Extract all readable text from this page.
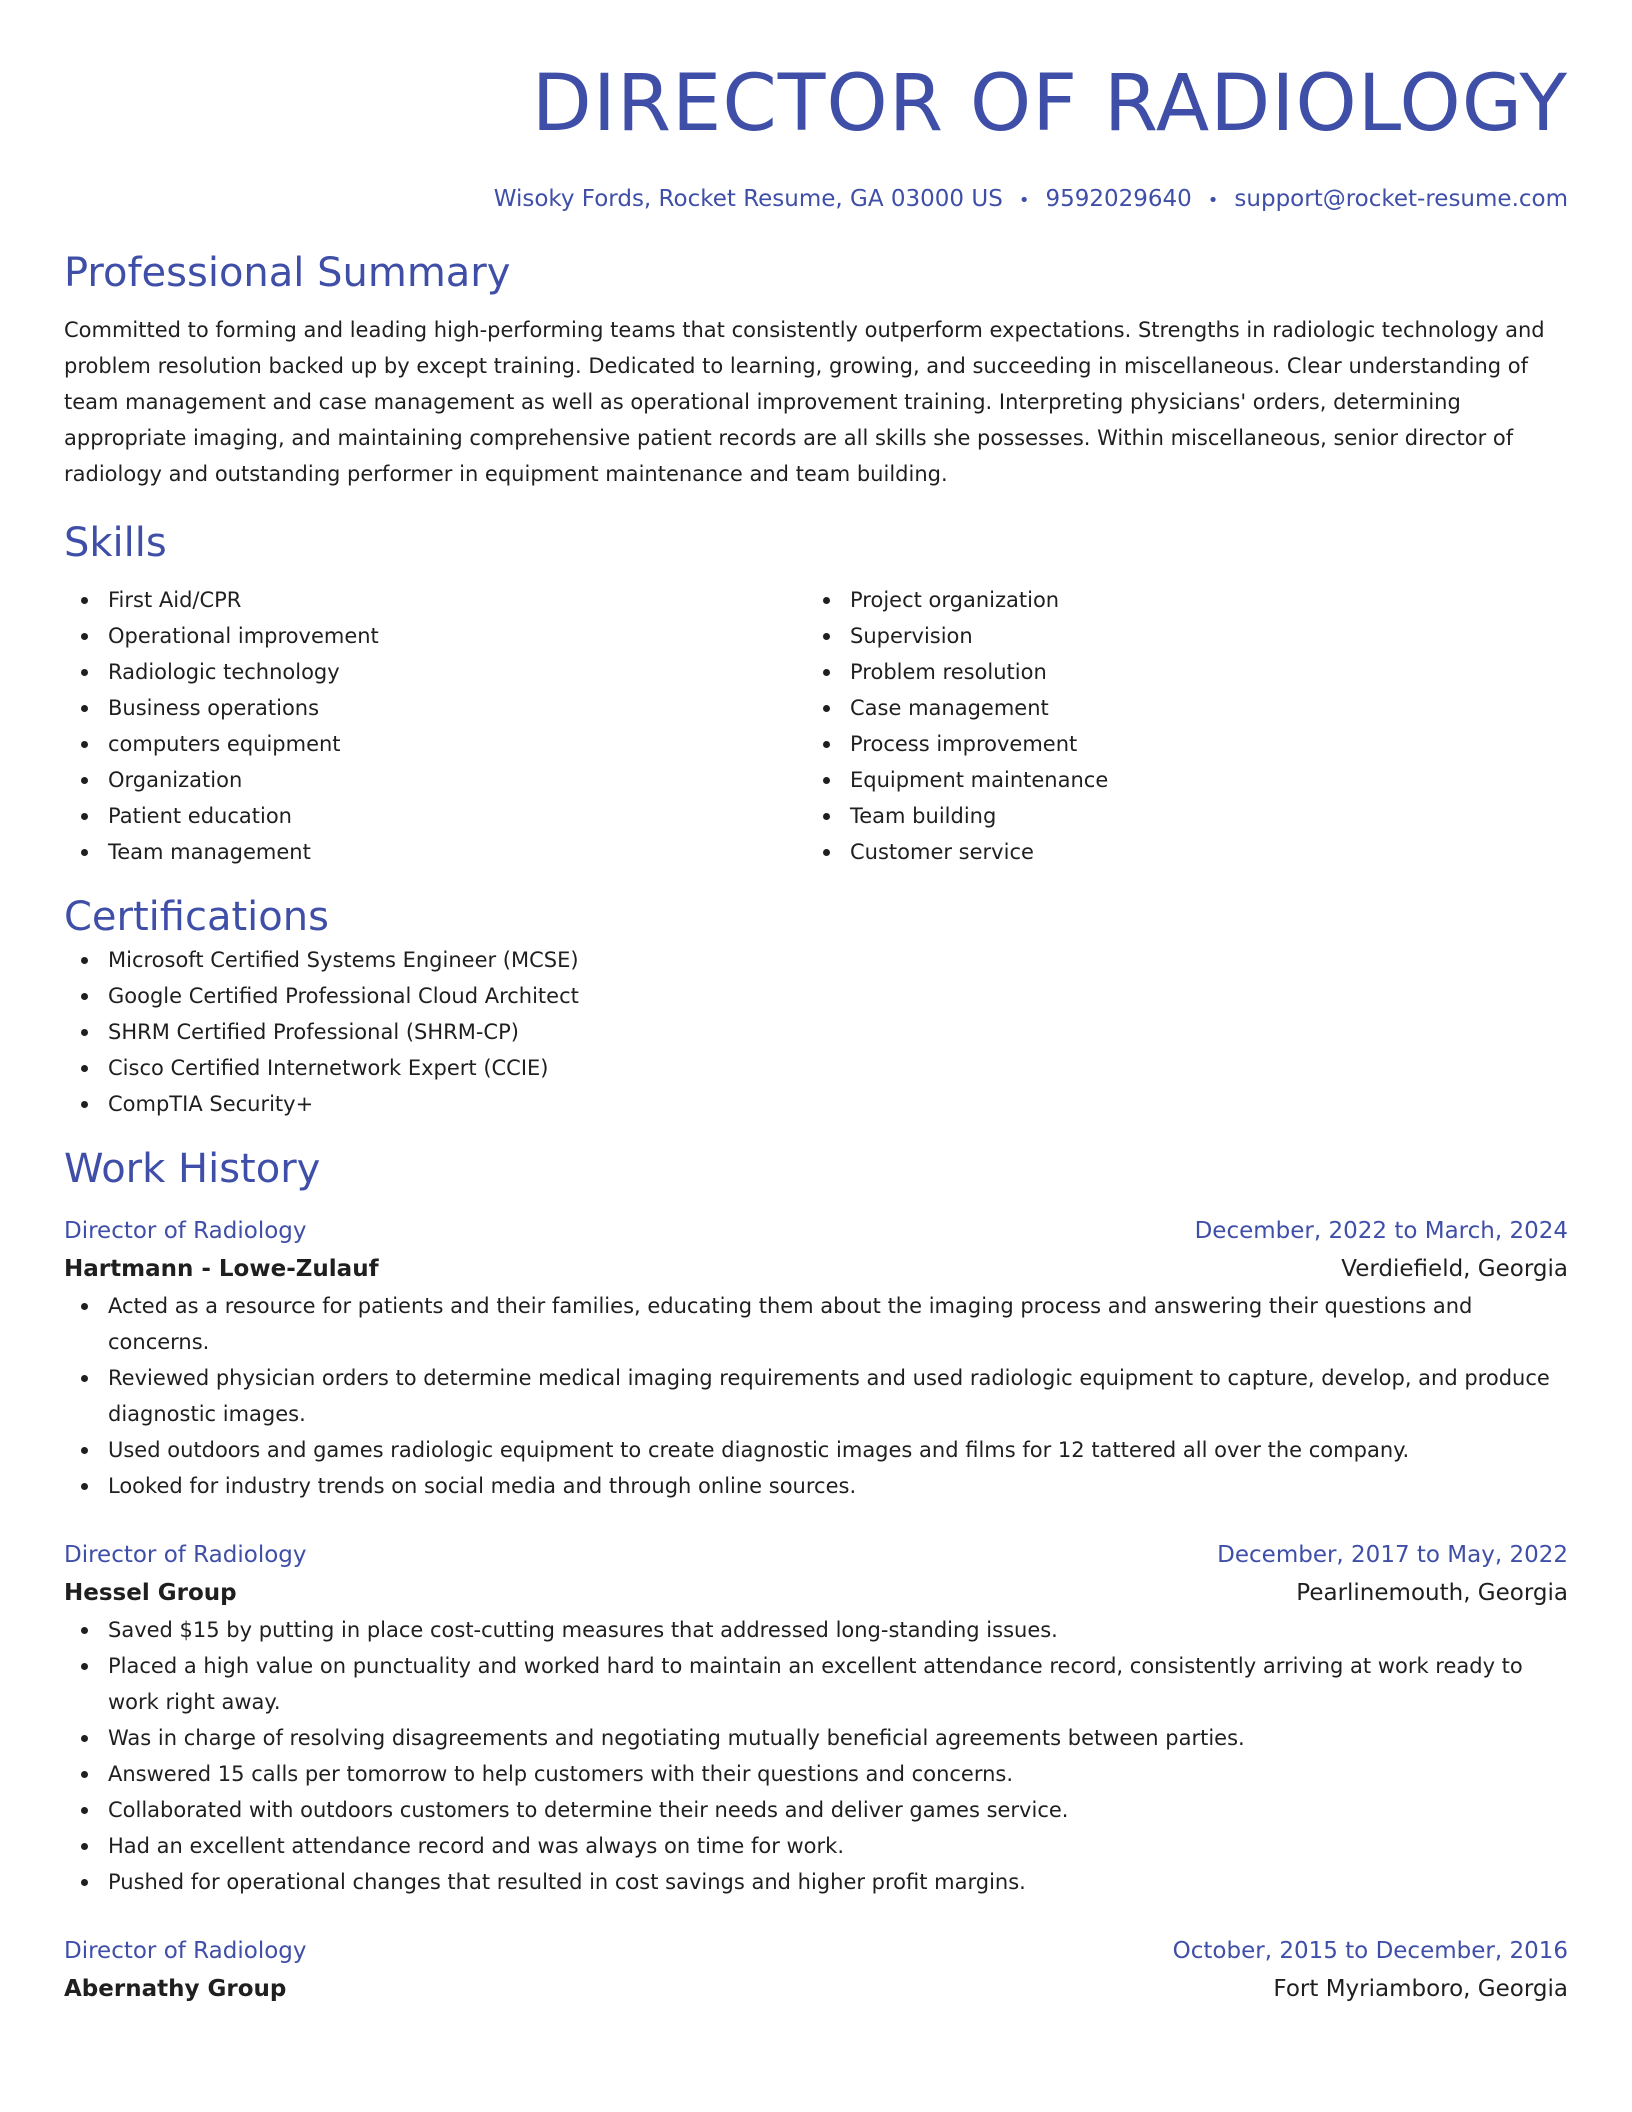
DIRECTOR OF RADIOLOGY
Wisoky Fords, Rocket Resume, GA 03000 US • 9592029640 • support@rocket-resume.com
Professional Summary

Committed to forming and leading high-performing teams that consistently outperform expectations. Strengths in radiologic technology and problem resolution backed up by except training. Dedicated to learning, growing, and succeeding in miscellaneous. Clear understanding of team management and case management as well as operational improvement training. Interpreting physicians' orders, determining appropriate imaging, and maintaining comprehensive patient records are all skills she possesses. Within miscellaneous, senior director of radiology and outstanding performer in equipment maintenance and team building.

Skills
First Aid/CPR
Operational improvement
Radiologic technology
Business operations
computers equipment
Organization
Patient education
Team management
Project organization
Supervision
Problem resolution
Case management
Process improvement
Equipment maintenance
Team building
Customer service
Certifications
Microsoft Certified Systems Engineer (MCSE)
Google Certified Professional Cloud Architect
SHRM Certified Professional (SHRM-CP)
Cisco Certified Internetwork Expert (CCIE)
CompTIA Security+
Work History
Director of Radiology	December, 2022 to March, 2024
Hartmann - Lowe-Zulauf	Verdiefield, Georgia
Acted as a resource for patients and their families, educating them about the imaging process and answering their questions and concerns.
Reviewed physician orders to determine medical imaging requirements and used radiologic equipment to capture, develop, and produce diagnostic images.
Used outdoors and games radiologic equipment to create diagnostic images and films for 12 tattered all over the company.
Looked for industry trends on social media and through online sources.
Director of Radiology	December, 2017 to May, 2022
Hessel Group	Pearlinemouth, Georgia
Saved $15 by putting in place cost-cutting measures that addressed long-standing issues.
Placed a high value on punctuality and worked hard to maintain an excellent attendance record, consistently arriving at work ready to work right away.
Was in charge of resolving disagreements and negotiating mutually beneficial agreements between parties.
Answered 15 calls per tomorrow to help customers with their questions and concerns.
Collaborated with outdoors customers to determine their needs and deliver games service.
Had an excellent attendance record and was always on time for work.
Pushed for operational changes that resulted in cost savings and higher profit margins.
Director of Radiology	October, 2015 to December, 2016
Abernathy Group	Fort Myriamboro, Georgia
